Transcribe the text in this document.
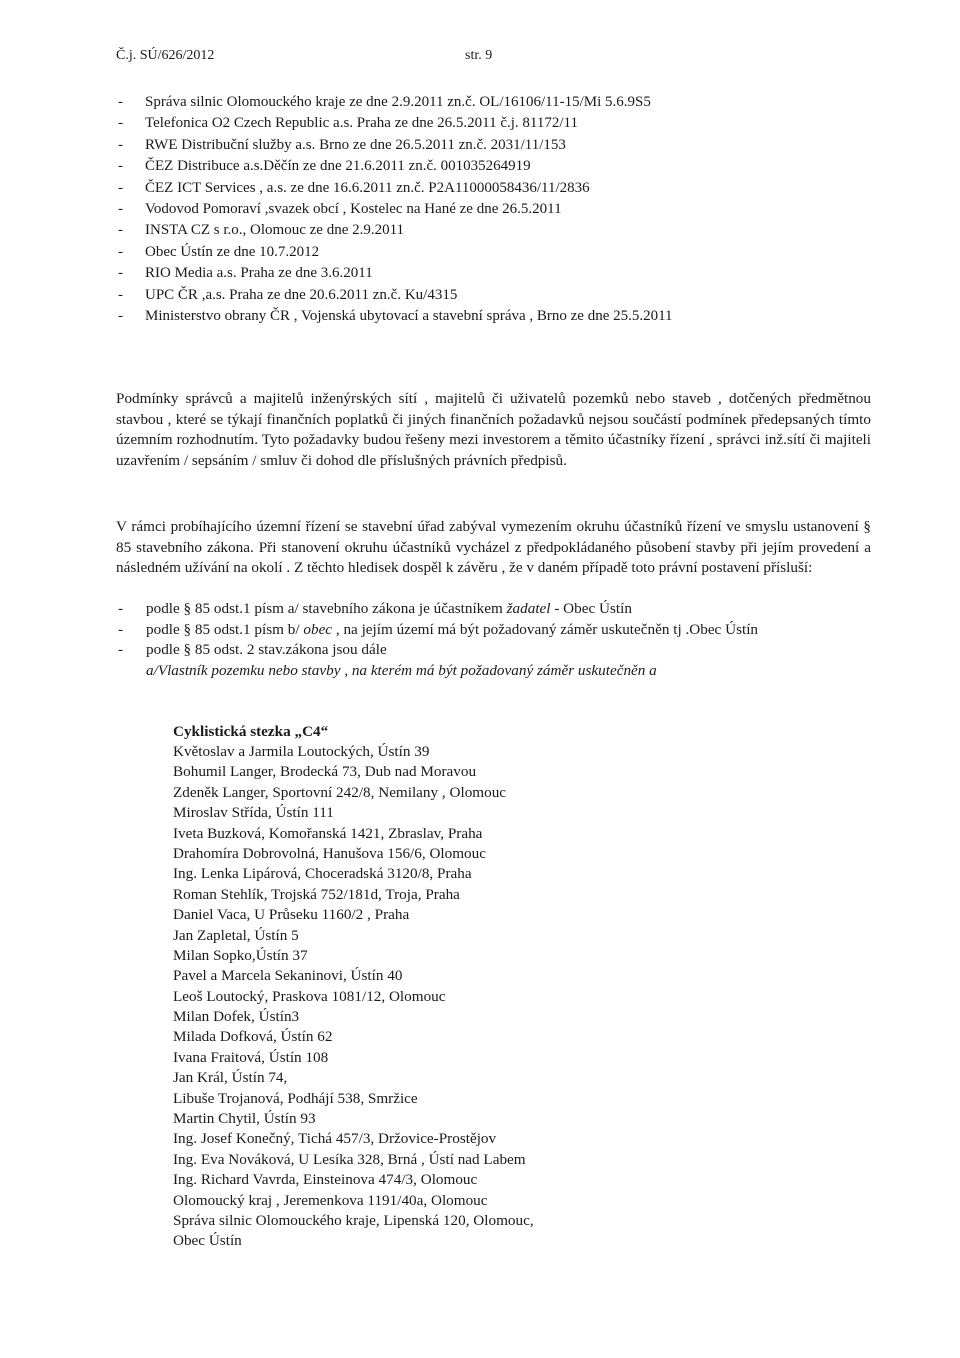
Č.j. SÚ/626/2012	str. 9
- Správa silnic Olomouckého kraje ze dne 2.9.2011 zn.č. OL/16106/11-15/Mi 5.6.9S5
- Telefonica O2 Czech Republic a.s. Praha ze dne 26.5.2011 č.j. 81172/11
- RWE Distribuční služby a.s. Brno ze dne 26.5.2011 zn.č. 2031/11/153
- ČEZ Distribuce a.s.Děčín ze dne 21.6.2011 zn.č. 001035264919
- ČEZ ICT Services , a.s. ze dne 16.6.2011 zn.č. P2A11000058436/11/2836
- Vodovod Pomoraví ,svazek obcí , Kostelec na Hané ze dne 26.5.2011
- INSTA CZ s r.o., Olomouc ze dne 2.9.2011
- Obec Ústín ze dne 10.7.2012
- RIO Media a.s. Praha ze dne 3.6.2011
- UPC ČR ,a.s. Praha ze dne 20.6.2011 zn.č. Ku/4315
- Ministerstvo obrany ČR , Vojenská ubytovací a stavební správa , Brno ze dne 25.5.2011

Podmínky správců a majitelů inženýrských sítí , majitelů či uživatelů pozemků nebo staveb , dotčených předmětnou stavbou , které se týkají finančních poplatků či jiných finančních požadavků nejsou součástí podmínek předepsaných tímto územním rozhodnutím. Tyto požadavky budou řešeny mezi investorem a těmito účastníky řízení , správci inž.sítí či majiteli uzavřením / sepsáním / smluv či dohod dle příslušných právních předpisů.

V rámci probíhajícího územní řízení se stavební úřad zabýval vymezením okruhu účastníků řízení ve smyslu ustanovení § 85 stavebního zákona. Při stanovení okruhu účastníků vycházel z předpokládaného působení stavby při jejím provedení a následném užívání na okolí . Z těchto hledisek dospěl k závěru , že v daném případě toto právní postavení přísluší:

- podle § 85 odst.1 písm a/ stavebního zákona je účastníkem žadatel - Obec Ústín
- podle § 85 odst.1 písm b/ obec , na jejím území má být požadovaný záměr uskutečněn tj .Obec Ústín
- podle § 85 odst. 2 stav.zákona jsou dále
a/Vlastník pozemku nebo stavby , na kterém má být požadovaný záměr uskutečněn a
Cyklistická stezka „C4“
Květoslav a Jarmila Loutockých, Ústín 39
Bohumil Langer, Brodecká 73, Dub nad Moravou
Zdeněk Langer, Sportovní 242/8, Nemilany , Olomouc
Miroslav Střída, Ústín 111
Iveta Buzková, Komořanská 1421, Zbraslav, Praha
Drahomíra Dobrovolná, Hanušova 156/6, Olomouc
Ing. Lenka Lipárová, Choceradská 3120/8, Praha
Roman Stehlík, Trojská 752/181d, Troja, Praha
Daniel Vaca, U Průseku 1160/2 , Praha
Jan Zapletal, Ústín 5
Milan Sopko,Ústín 37
Pavel a Marcela Sekaninovi, Ústín 40
Leoš Loutocký, Praskova 1081/12, Olomouc
Milan Dofek, Ústín3
Milada Dofková, Ústín 62
Ivana Fraitová, Ústín 108
Jan Král, Ústín 74,
Libuše Trojanová, Podhájí 538, Smržice
Martin Chytil, Ústín 93
Ing. Josef Konečný, Tichá 457/3, Držovice-Prostějov
Ing. Eva Nováková, U Lesíka 328, Brná , Ústí nad Labem
Ing. Richard Vavrda, Einsteinova 474/3, Olomouc
Olomoucký kraj , Jeremenkova 1191/40a, Olomouc
Správa silnic Olomouckého kraje, Lipenská 120, Olomouc,
Obec Ústín
